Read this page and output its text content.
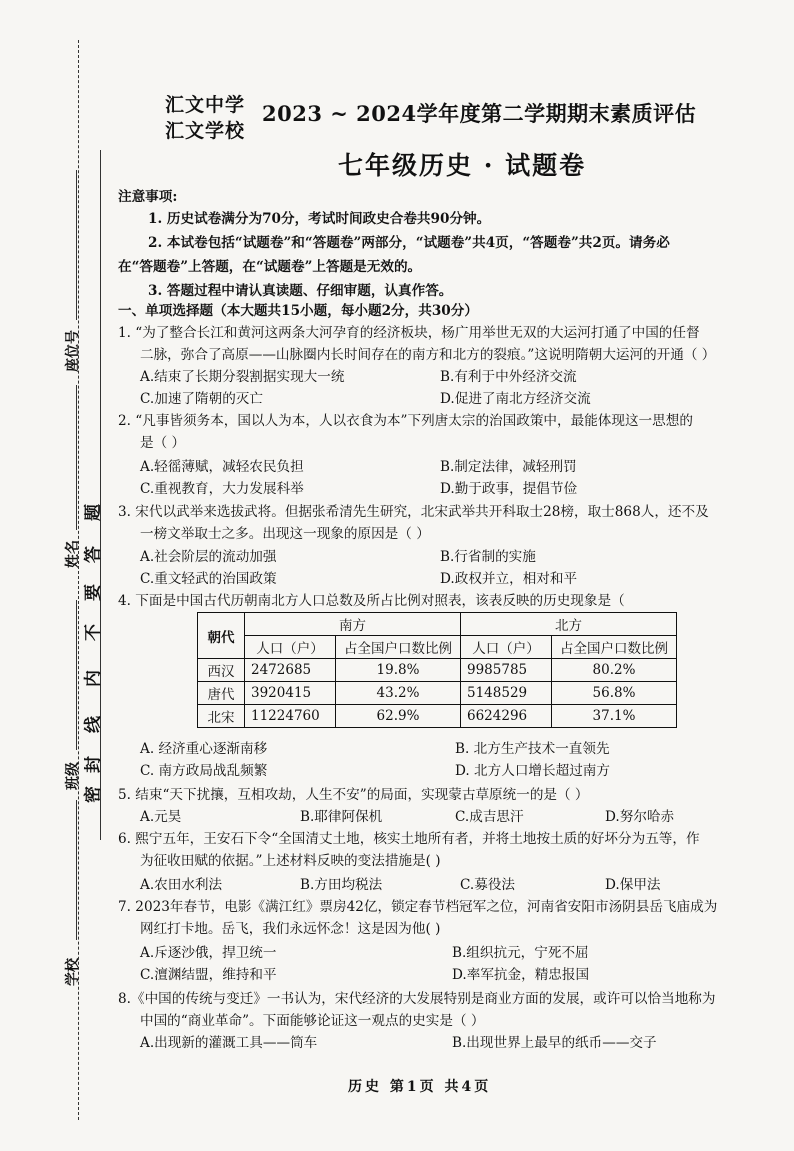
座位号
姓名
班级
学校
密
封
线
内
不
要
答
题
汇文中学
汇文学校
2023 ~ 2024学年度第二学期期末素质评估
七年级历史 · 试题卷
注意事项:
1. 历史试卷满分为70分，考试时间政史合卷共90分钟。
2. 本试卷包括“试题卷”和“答题卷”两部分，“试题卷”共4页，“答题卷”共2页。请务必
在“答题卷”上答题，在“试题卷”上答题是无效的。
3. 答题过程中请认真读题、仔细审题，认真作答。
一、单项选择题（本大题共15小题，每小题2分，共30分）
1. “为了整合长江和黄河这两条大河孕育的经济板块，杨广用举世无双的大运河打通了中国的任督
二脉，弥合了高原——山脉圈内长时间存在的南方和北方的裂痕。”这说明隋朝大运河的开通（ ）
A.结束了长期分裂割据实现大一统	B.有利于中外经济交流
C.加速了隋朝的灭亡	D.促进了南北方经济交流
2. “凡事皆须务本，国以人为本，人以衣食为本”下列唐太宗的治国政策中，最能体现这一思想的
是（ ）
A.轻徭薄赋，减轻农民负担	B.制定法律，减轻刑罚
C.重视教育，大力发展科举	D.勤于政事，提倡节俭
3. 宋代以武举来选拔武将。但据张希清先生研究，北宋武举共开科取士28榜，取士868人，还不及
一榜文举取士之多。出现这一现象的原因是（ ）
A.社会阶层的流动加强	B.行省制的实施
C.重文轻武的治国政策	D.政权并立，相对和平
4. 下面是中国古代历朝南北方人口总数及所占比例对照表，该表反映的历史现象是（
朝代	南方		北方	
	人口（户）	占全国户口数比例	人口（户）	占全国户口数比例
西汉	2472685	19.8%	9985785	80.2%
唐代	3920415	43.2%	5148529	56.8%
北宋	11224760	62.9%	6624296	37.1%
A. 经济重心逐渐南移	B. 北方生产技术一直领先
C. 南方政局战乱频繁	D. 北方人口增长超过南方
5. 结束“天下扰攘，互相攻劫，人生不安”的局面，实现蒙古草原统一的是（ ）
A.元昊	B.耶律阿保机	C.成吉思汗	D.努尔哈赤
6. 熙宁五年，王安石下令“全国清丈土地，核实土地所有者，并将土地按土质的好坏分为五等，作
为征收田赋的依据。”上述材料反映的变法措施是( )
A.农田水利法	B.方田均税法	C.募役法	D.保甲法
7. 2023年春节，电影《满江红》票房42亿，锁定春节档冠军之位，河南省安阳市汤阴县岳飞庙成为
网红打卡地。岳飞，我们永远怀念！这是因为他( )
A.斥逐沙俄，捍卫统一	B.组织抗元，宁死不屈
C.澶渊结盟，维持和平	D.率军抗金，精忠报国
8.《中国的传统与变迁》一书认为，宋代经济的大发展特别是商业方面的发展，或许可以恰当地称为
中国的“商业革命”。下面能够论证这一观点的史实是（ ）
A.出现新的灌溉工具——筒车	B.出现世界上最早的纸币——交子
历史 第1页 共4页
